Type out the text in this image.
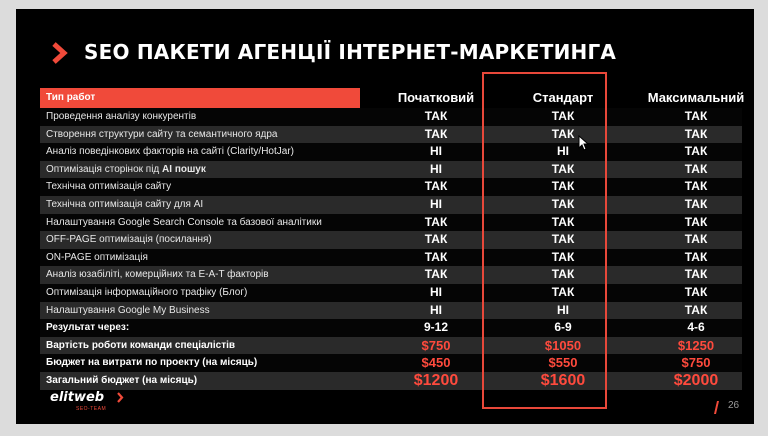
SEO ПАКЕТИ АГЕНЦІЇ ІНТЕРНЕТ-МАРКЕТИНГА
Тип работ	Початковий	Стандарт	Максимальний
Проведення аналізу конкурентів	ТАК	ТАК	ТАК
Створення структури сайту та семантичного ядра	ТАК	ТАК	ТАК
Аналіз поведінкових факторів на сайті (Clarity/HotJar)	НІ	НІ	ТАК
Оптимізація сторінок під AI пошук	НІ	ТАК	ТАК
Технічна оптимізація сайту	ТАК	ТАК	ТАК
Технічна оптимізація сайту для AI	НІ	ТАК	ТАК
Налаштування Google Search Console та базової аналітики	ТАК	ТАК	ТАК
OFF-PAGE оптимізація (посилання)	ТАК	ТАК	ТАК
ON-PAGE оптимізація	ТАК	ТАК	ТАК
Аналіз юзабіліті, комерційних та E-A-T факторів	ТАК	ТАК	ТАК
Оптимізація інформаційного трафіку (Блог)	НІ	ТАК	ТАК
Налаштування Google My Business	НІ	НІ	ТАК
Результат через:	9-12	6-9	4-6
Вартість роботи команди спеціалістів	$750	$1050	$1250
Бюджет на витрати по проекту (на місяць)	$450	$550	$750
Загальний бюджет (на місяць)	$1200	$1600	$2000
elitweb
SEO-TEAM	26
